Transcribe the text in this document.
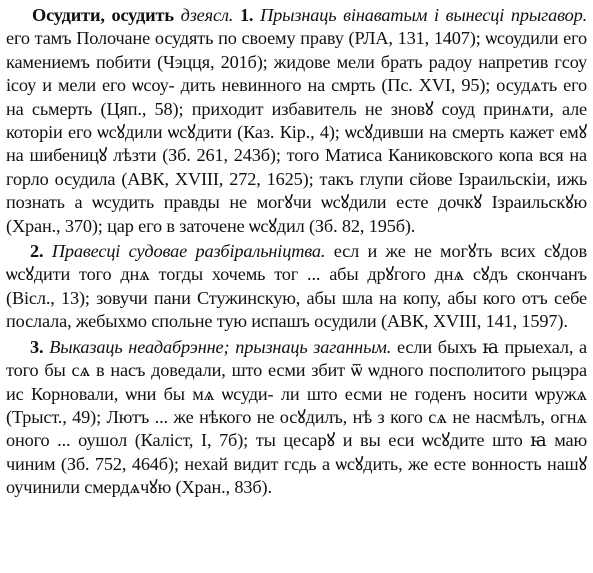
Осудити, осудить дзеясл. 1. Прызнаць вінаватым і вынесці прыгавор. его тамъ Полочане осудять по своему праву (РЛА, 131, 1407); ѡсоудили его камениемъ побити (Чэцця, 201б); жидове мели брать радоу напретив гсоу ісоу и мели его ѡсоу- дить невинного на смрть (Пс. XVI, 95); осудѧть его на сьмерть (Цяп., 58); приходит избавитель не зновꙋ соуд принѧти, але которіи его ѡсꙋдили ѡсꙋдити (Каз. Кір., 4); ѡсꙋдивши на смерть кажет емꙋ на шибеницꙋ лѣзти (Зб. 261, 243б); того Матиса Каниковского копа вся на горло осудила (АВК, XVIII, 272, 1625); такъ глупи сйове Ізраильскіи, ижь познать а ѡсудить правды не могꙋчи ѡсꙋдили есте дочкꙋ Ізраильскꙋю (Хран., 370); цар его в заточене ѡсꙋдил (Зб. 82, 195б).
2. Правесці судовае разбіральніцтва. есл и же не могꙋть всих сꙋдов ѡсꙋдити того днѧ тогды хочемь тог ... абы дрꙋгого днѧ сꙋдъ скончанъ (Вісл., 13); зовучи пани Стужинскую, абы шла на копу, абы кого отъ себе послала, жебыхмо спольне тую испашъ осудили (АВК, XVIII, 141, 1597).
3. Выказаць неадабрэнне; прызнаць заганным. если быхъ ꙗ прыехал, а того бы сѧ в насъ доведали, што есми збит ѿ ѡдного посполитого рыцэра ис Корновали, ѡни бы мѧ ѡсуди- ли што есми не годенъ носити ѡружѧ (Трыст., 49); Лютъ ... же нѣкого не осꙋдилъ, нѣ з кого сѧ не насмѣлъ, огнѧ оного ... оушол (Каліст, І, 7б); ты цесарꙋ и вы еси ѡсꙋдите што ꙗ маю чиним (Зб. 752, 464б); нехай видит гсдь а ѡсꙋдить, же есте вонность нашꙋ оучинили смердѧчꙋю (Хран., 83б).
